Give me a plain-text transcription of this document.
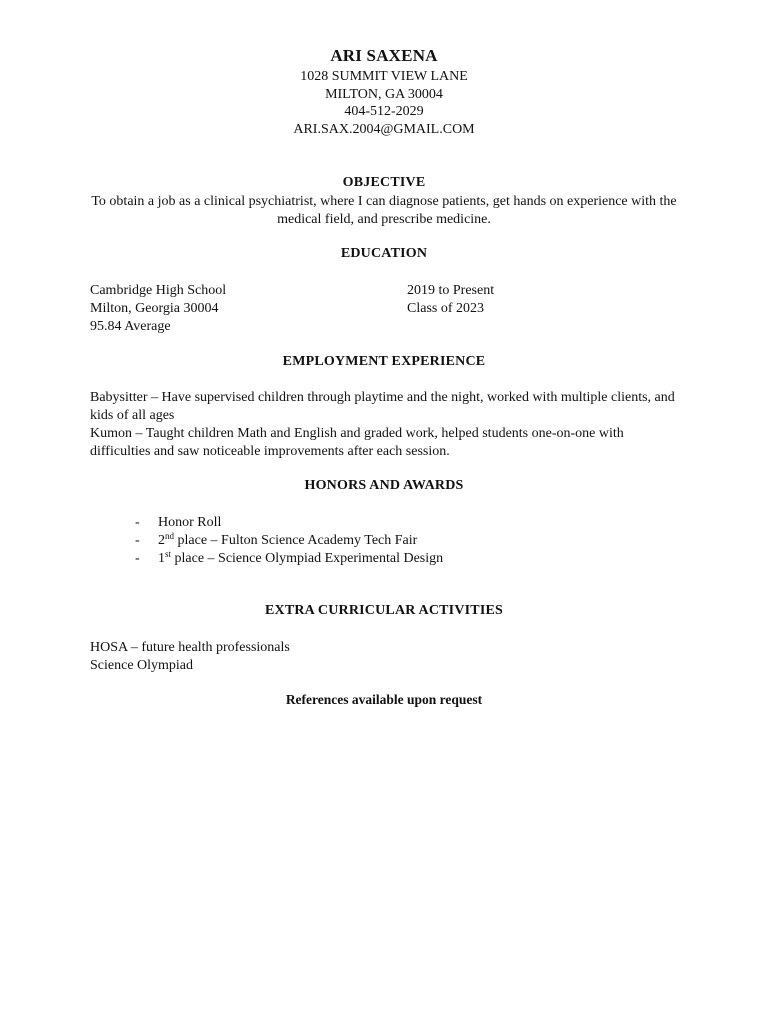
ARI SAXENA
1028 SUMMIT VIEW LANE
MILTON, GA 30004
404-512-2029
ARI.SAX.2004@GMAIL.COM
OBJECTIVE
To obtain a job as a clinical psychiatrist, where I can diagnose patients, get hands on experience with the medical field, and prescribe medicine.
EDUCATION
Cambridge High School
Milton, Georgia 30004
95.84 Average
2019 to Present
Class of 2023
EMPLOYMENT EXPERIENCE
Babysitter – Have supervised children through playtime and the night, worked with multiple clients, and kids of all ages
Kumon – Taught children Math and English and graded work, helped students one-on-one with difficulties and saw noticeable improvements after each session.
HONORS AND AWARDS
- Honor Roll
- 2nd place – Fulton Science Academy Tech Fair
- 1st place – Science Olympiad Experimental Design
EXTRA CURRICULAR ACTIVITIES
HOSA – future health professionals
Science Olympiad
References available upon request
